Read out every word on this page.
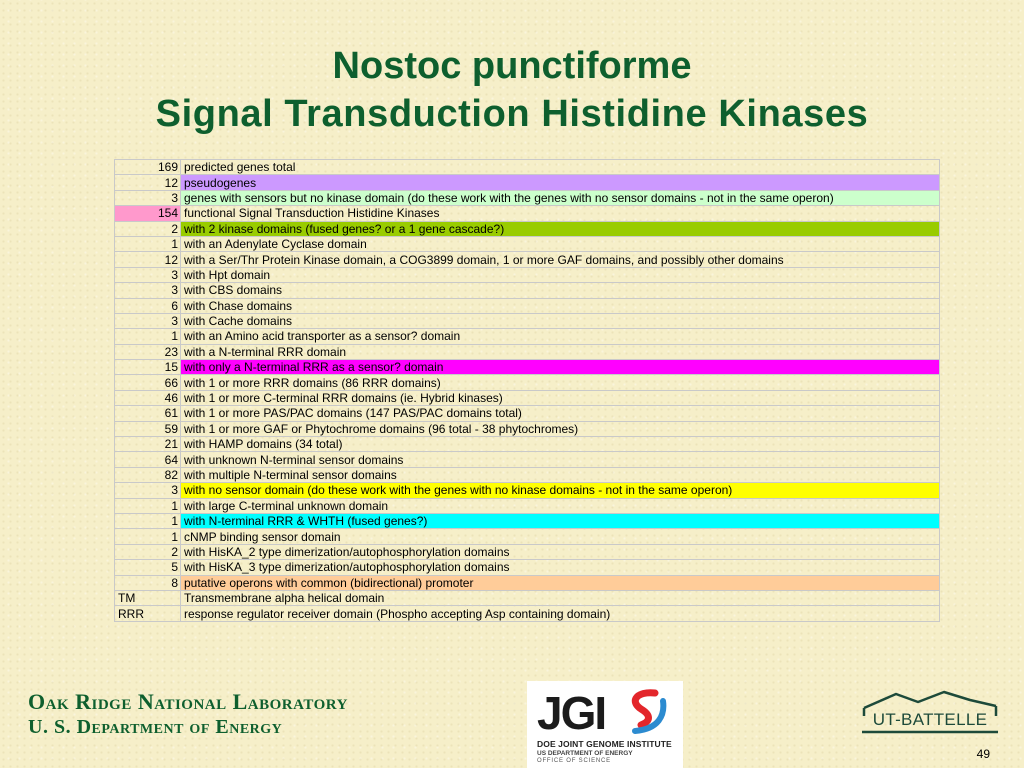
Nostoc punctiforme
Signal Transduction Histidine Kinases
169	predicted genes total
12	pseudogenes
3	genes with sensors but no kinase domain (do these work with the genes with no sensor domains - not in the same operon)
154	functional Signal Transduction Histidine Kinases
2	with 2 kinase domains (fused genes? or a 1 gene cascade?)
1	with an Adenylate Cyclase domain
12	with a Ser/Thr Protein Kinase domain, a COG3899 domain, 1 or more GAF domains, and possibly other domains
3	with Hpt domain
3	with CBS domains
6	with Chase domains
3	with Cache domains
1	with an Amino acid transporter as a sensor? domain
23	with a N-terminal RRR domain
15	with only a N-terminal RRR as a sensor? domain
66	with 1 or more RRR domains (86 RRR domains)
46	with 1 or more C-terminal RRR domains (ie. Hybrid kinases)
61	with 1 or more PAS/PAC domains (147 PAS/PAC domains total)
59	with 1 or more GAF or Phytochrome domains (96 total - 38 phytochromes)
21	with HAMP domains (34 total)
64	with unknown N-terminal sensor domains
82	with multiple N-terminal sensor domains
3	with no sensor domain (do these work with the genes with no kinase domains - not in the same operon)
1	with large C-terminal unknown domain
1	with N-terminal RRR & WHTH (fused genes?)
1	cNMP binding sensor domain
2	with HisKA_2 type dimerization/autophosphorylation domains
5	with HisKA_3 type dimerization/autophosphorylation domains
8	putative operons with common (bidirectional) promoter
TM	Transmembrane alpha helical domain
RRR	response regulator receiver domain (Phospho accepting Asp containing domain)
Oak Ridge National Laboratory
U. S. Department of Energy	JGI
DOE JOINT GENOME INSTITUTE
US DEPARTMENT OF ENERGY
OFFICE OF SCIENCE
UT-BATTELLE
49
